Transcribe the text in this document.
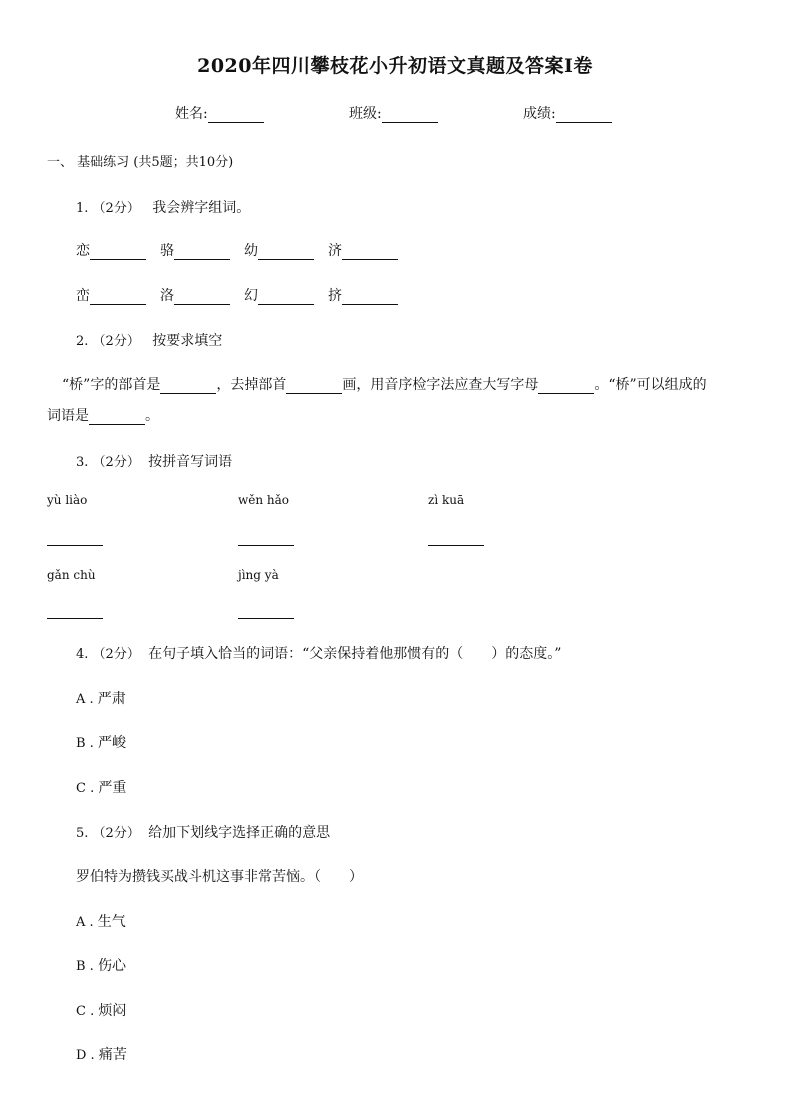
2020年四川攀枝花小升初语文真题及答案Ⅰ卷
姓名:	班级:	成绩:
一、 基础练习 (共5题；共10分)
1. （2分） 我会辨字组词。
恋	骆	幼	济
峦	洛	幻	挤
2. （2分） 按要求填空
“桥”字的部首是	，去掉部首	画，用音序检字法应查大写字母	。“桥”可以组成的
词语是	。
3. （2分） 按拼音写词语
yù liào	wěn hǎo	zì kuā
gǎn chù	jìng yà
4. （2分） 在句子填入恰当的词语：“父亲保持着他那惯有的（　　）的态度。”
A . 严肃
B . 严峻
C . 严重
5. （2分） 给加下划线字选择正确的意思
罗伯特为攒钱买战斗机这事非常苦恼。（　　）
A . 生气
B . 伤心
C . 烦闷
D . 痛苦
